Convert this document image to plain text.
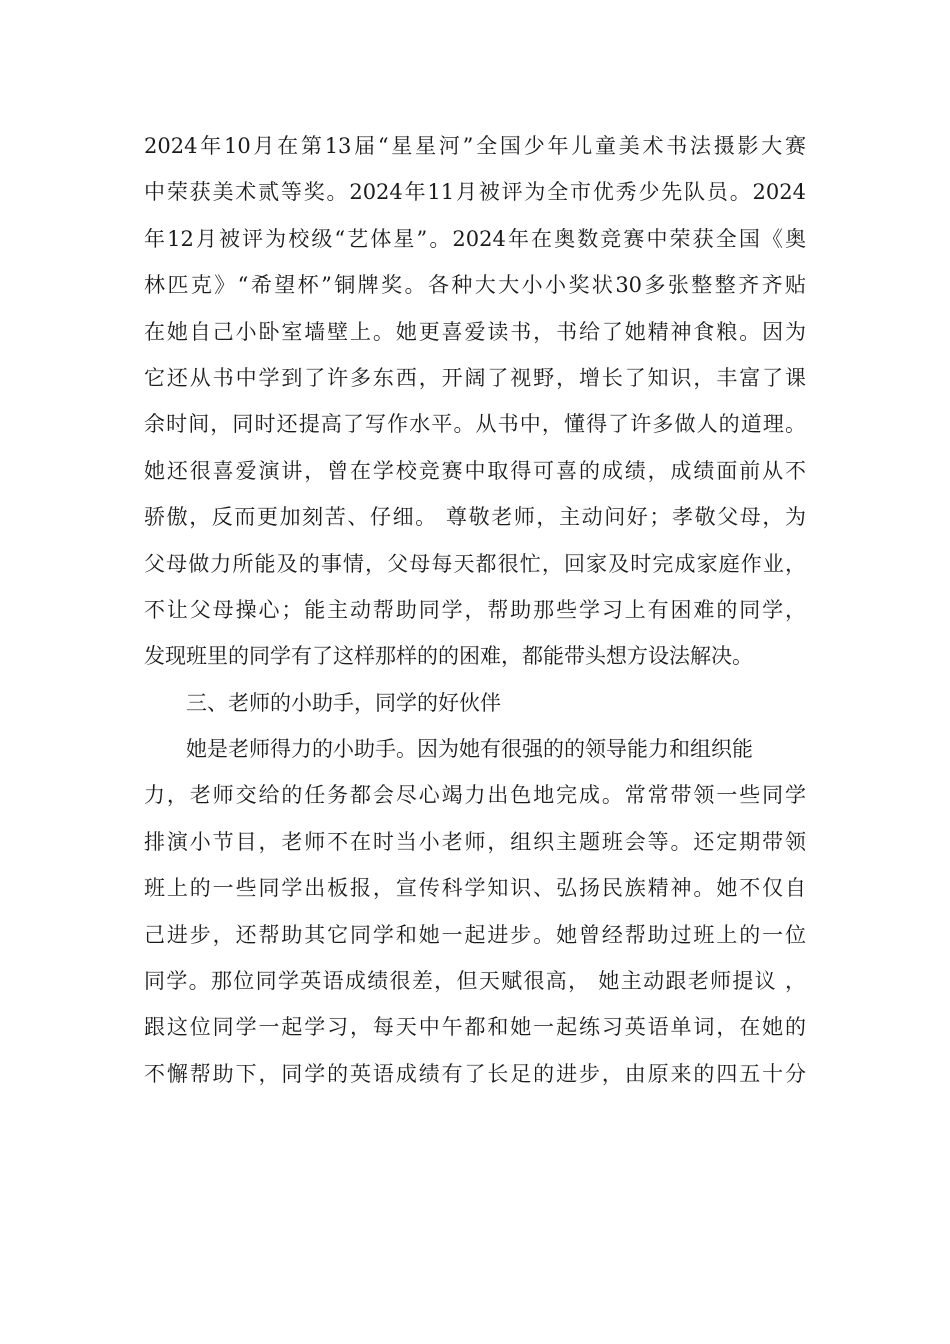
2024年10月在第13届“星星河”全国少年儿童美术书法摄影大赛
中荣获美术贰等奖。2024年11月被评为全市优秀少先队员。2024
年12月被评为校级“艺体星”。2024年在奥数竞赛中荣获全国《奥
林匹克》“希望杯”铜牌奖。各种大大小小奖状30多张整整齐齐贴
在她自己小卧室墙壁上。她更喜爱读书，书给了她精神食粮。因为
它还从书中学到了许多东西，开阔了视野，增长了知识，丰富了课
余时间，同时还提高了写作水平。从书中，懂得了许多做人的道理。
她还很喜爱演讲，曾在学校竞赛中取得可喜的成绩，成绩面前从不
骄傲，反而更加刻苦、仔细。 尊敬老师，主动问好；孝敬父母，为
父母做力所能及的事情，父母每天都很忙，回家及时完成家庭作业，
不让父母操心；能主动帮助同学，帮助那些学习上有困难的同学，
发现班里的同学有了这样那样的的困难，都能带头想方设法解决。
三、老师的小助手，同学的好伙伴
她是老师得力的小助手。因为她有很强的的领导能力和组织能
力，老师交给的任务都会尽心竭力出色地完成。常常带领一些同学
排演小节目，老师不在时当小老师，组织主题班会等。还定期带领
班上的一些同学出板报，宣传科学知识、弘扬民族精神。她不仅自
己进步，还帮助其它同学和她一起进步。她曾经帮助过班上的一位
同学。那位同学英语成绩很差，但天赋很高， 她主动跟老师提议 ，
跟这位同学一起学习，每天中午都和她一起练习英语单词，在她的
不懈帮助下，同学的英语成绩有了长足的进步，由原来的四五十分
